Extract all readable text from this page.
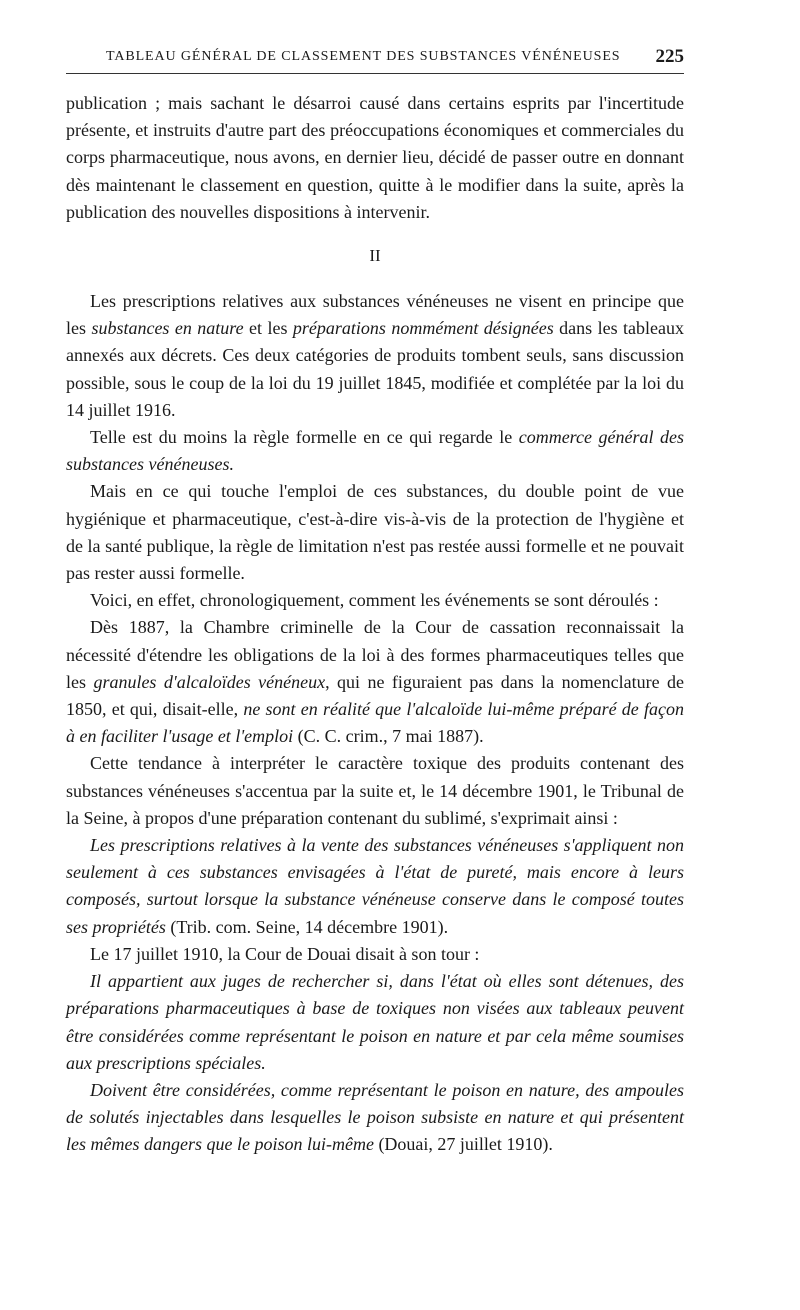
TABLEAU GÉNÉRAL DE CLASSEMENT DES SUBSTANCES VÉNÉNEUSES 225

publication ; mais sachant le désarroi causé dans certains esprits par l'incertitude présente, et instruits d'autre part des préoccupations économiques et commerciales du corps pharmaceutique, nous avons, en dernier lieu, décidé de passer outre en donnant dès maintenant le classement en question, quitte à le modifier dans la suite, après la publication des nouvelles dispositions à intervenir.

II

Les prescriptions relatives aux substances vénéneuses ne visent en principe que les substances en nature et les préparations nommément désignées dans les tableaux annexés aux décrets. Ces deux catégories de produits tombent seuls, sans discussion possible, sous le coup de la loi du 19 juillet 1845, modifiée et complétée par la loi du 14 juillet 1916.

Telle est du moins la règle formelle en ce qui regarde le commerce général des substances vénéneuses.

Mais en ce qui touche l'emploi de ces substances, du double point de vue hygiénique et pharmaceutique, c'est-à-dire vis-à-vis de la protection de l'hygiène et de la santé publique, la règle de limitation n'est pas restée aussi formelle et ne pouvait pas rester aussi formelle.

Voici, en effet, chronologiquement, comment les événements se sont déroulés :

Dès 1887, la Chambre criminelle de la Cour de cassation reconnaissait la nécessité d'étendre les obligations de la loi à des formes pharmaceutiques telles que les granules d'alcaloïdes vénéneux, qui ne figuraient pas dans la nomenclature de 1850, et qui, disait-elle, ne sont en réalité que l'alcaloïde lui-même préparé de façon à en faciliter l'usage et l'emploi (C. C. crim., 7 mai 1887).

Cette tendance à interpréter le caractère toxique des produits contenant des substances vénéneuses s'accentua par la suite et, le 14 décembre 1901, le Tribunal de la Seine, à propos d'une préparation contenant du sublimé, s'exprimait ainsi :

Les prescriptions relatives à la vente des substances vénéneuses s'appliquent non seulement à ces substances envisagées à l'état de pureté, mais encore à leurs composés, surtout lorsque la substance vénéneuse conserve dans le composé toutes ses propriétés (Trib. com. Seine, 14 décembre 1901).

Le 17 juillet 1910, la Cour de Douai disait à son tour :

Il appartient aux juges de rechercher si, dans l'état où elles sont détenues, des préparations pharmaceutiques à base de toxiques non visées aux tableaux peuvent être considérées comme représentant le poison en nature et par cela même soumises aux prescriptions spéciales.

Doivent être considérées, comme représentant le poison en nature, des ampoules de solutés injectables dans lesquelles le poison subsiste en nature et qui présentent les mêmes dangers que le poison lui-même (Douai, 27 juillet 1910).
